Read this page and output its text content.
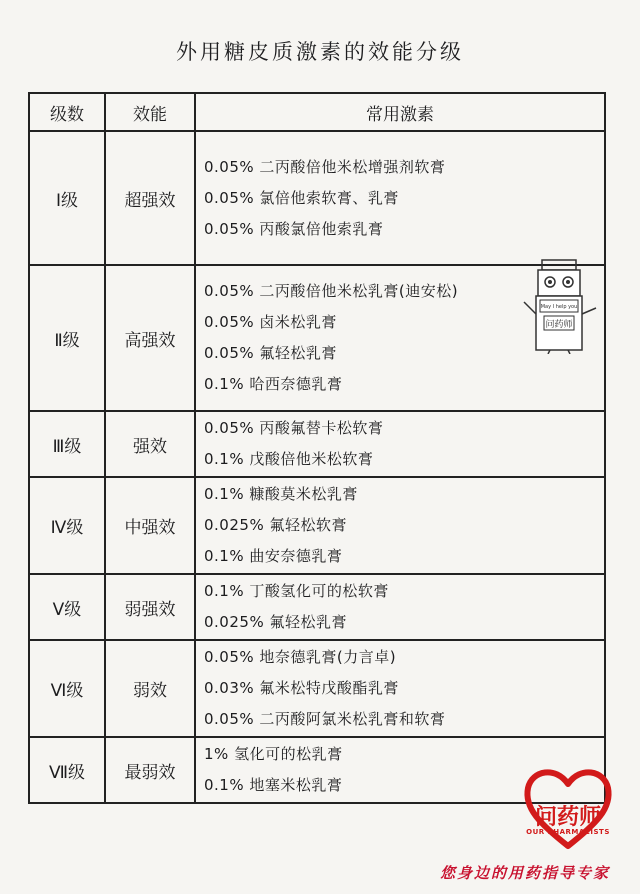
外用糖皮质激素的效能分级
级数	效能	常用激素
Ⅰ级	超强效	0.05% 二丙酸倍他米松增强剂软膏
0.05% 氯倍他索软膏、乳膏
0.05% 丙酸氯倍他索乳膏

Ⅱ级	高强效	0.05% 二丙酸倍他米松乳膏(迪安松)
0.05% 卤米松乳膏
0.05% 氟轻松乳膏
0.1% 哈西奈德乳膏

Ⅲ级	强效	0.05% 丙酸氟替卡松软膏
0.1% 戊酸倍他米松软膏

Ⅳ级	中强效	0.1% 糠酸莫米松乳膏
0.025% 氟轻松软膏
0.1% 曲安奈德乳膏

Ⅴ级	弱强效	0.1% 丁酸氢化可的松软膏
0.025% 氟轻松乳膏

Ⅵ级	弱效	0.05% 地奈德乳膏(力言卓)
0.03% 氟米松特戊酸酯乳膏
0.05% 二丙酸阿氯米松乳膏和软膏

Ⅶ级	最弱效	1% 氢化可的松乳膏
0.1% 地塞米松乳膏
May I help you
问药师
问药师
OUR PHARMACISTS
您身边的用药指导专家
